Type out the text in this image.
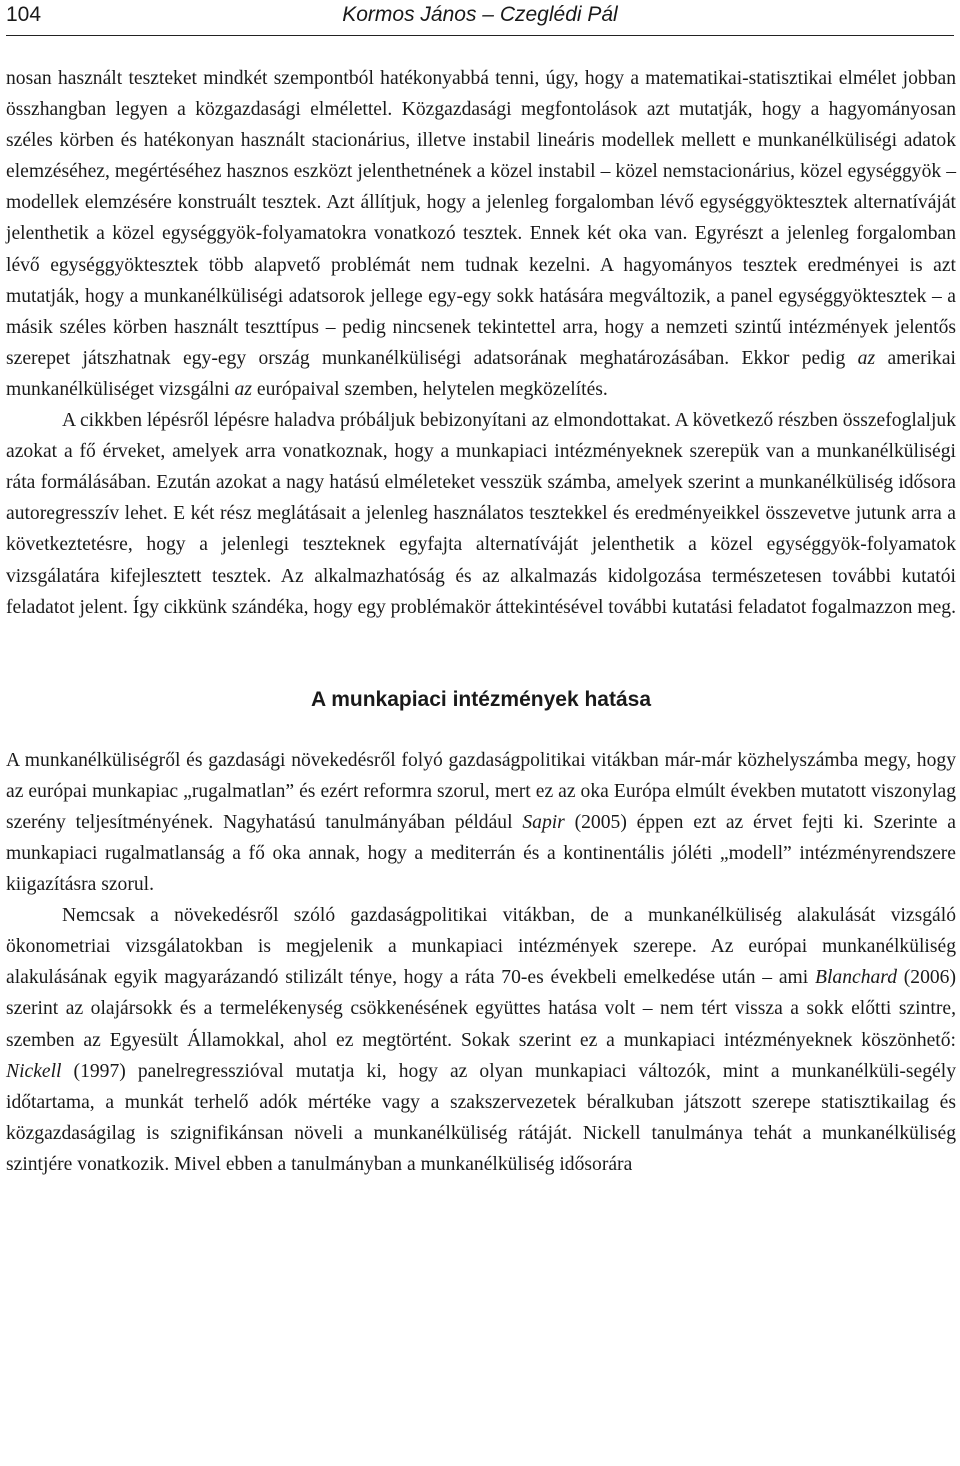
104	Kormos János – Czeglédi Pál

nosan használt teszteket mindkét szempontból hatékonyabbá tenni, úgy, hogy a matematikai-statisztikai elmélet jobban összhangban legyen a közgazdasági elmélettel. Közgazdasági megfontolások azt mutatják, hogy a hagyományosan széles körben és hatékonyan használt stacionárius, illetve instabil lineáris modellek mellett e munkanélküliségi adatok elemzéséhez, megértéséhez hasznos eszközt jelenthetnének a közel instabil – közel nemstacionárius, közel egységgyök – modellek elemzésére konstruált tesztek. Azt állítjuk, hogy a jelenleg forgalomban lévő egységgyöktesztek alternatíváját jelenthetik a közel egységgyök-folyamatokra vonatkozó tesztek. Ennek két oka van. Egyrészt a jelenleg forgalomban lévő egységgyöktesztek több alapvető problémát nem tudnak kezelni. A hagyományos tesztek eredményei is azt mutatják, hogy a munkanélküliségi adatsorok jellege egy-egy sokk hatására megváltozik, a panel egységgyöktesztek – a másik széles körben használt teszttípus – pedig nincsenek tekintettel arra, hogy a nemzeti szintű intézmények jelentős szerepet játszhatnak egy-egy ország munkanélküliségi adatsorának meghatározásában. Ekkor pedig az amerikai munkanélküliséget vizsgálni az európaival szemben, helytelen megközelítés.

A cikkben lépésről lépésre haladva próbáljuk bebizonyítani az elmondottakat. A következő részben összefoglaljuk azokat a fő érveket, amelyek arra vonatkoznak, hogy a munkapiaci intézményeknek szerepük van a munkanélküliségi ráta formálásában. Ezután azokat a nagy hatású elméleteket vesszük számba, amelyek szerint a munkanélküliség idősora autoregresszív lehet. E két rész meglátásait a jelenleg használatos tesztekkel és eredményeikkel összevetve jutunk arra a következtetésre, hogy a jelenlegi teszteknek egyfajta alternatíváját jelenthetik a közel egységgyök-folyamatok vizsgálatára kifejlesztett tesztek. Az alkalmazhatóság és az alkalmazás kidolgozása természetesen további kutatói feladatot jelent. Így cikkünk szándéka, hogy egy problémakör áttekintésével további kutatási feladatot fogalmazzon meg.

A munkapiaci intézmények hatása

A munkanélküliségről és gazdasági növekedésről folyó gazdaságpolitikai vitákban már-már közhelyszámba megy, hogy az európai munkapiac „rugalmatlan” és ezért reformra szorul, mert ez az oka Európa elmúlt években mutatott viszonylag szerény teljesítményének. Nagyhatású tanulmányában például Sapir (2005) éppen ezt az érvet fejti ki. Szerinte a munkapiaci rugalmatlanság a fő oka annak, hogy a mediterrán és a kontinentális jóléti „modell” intézményrendszere kiigazításra szorul.

Nemcsak a növekedésről szóló gazdaságpolitikai vitákban, de a munkanélküliség alakulását vizsgáló ökonometriai vizsgálatokban is megjelenik a munkapiaci intézmények szerepe. Az európai munkanélküliség alakulásának egyik magyarázandó stilizált ténye, hogy a ráta 70-es évekbeli emelkedése után – ami Blanchard (2006) szerint az olajársokk és a termelékenység csökkenésének együttes hatása volt – nem tért vissza a sokk előtti szintre, szemben az Egyesült Államokkal, ahol ez megtörtént. Sokak szerint ez a munkapiaci intézményeknek köszönhető: Nickell (1997) panelregresszióval mutatja ki, hogy az olyan munkapiaci változók, mint a munkanélküli-segély időtartama, a munkát terhelő adók mértéke vagy a szakszervezetek béralkuban játszott szerepe statisztikailag és közgazdaságilag is szignifikánsan növeli a munkanélküliség rátáját. Nickell tanulmánya tehát a munkanélküliség szintjére vonatkozik. Mivel ebben a tanulmányban a munkanélküliség idősorára
